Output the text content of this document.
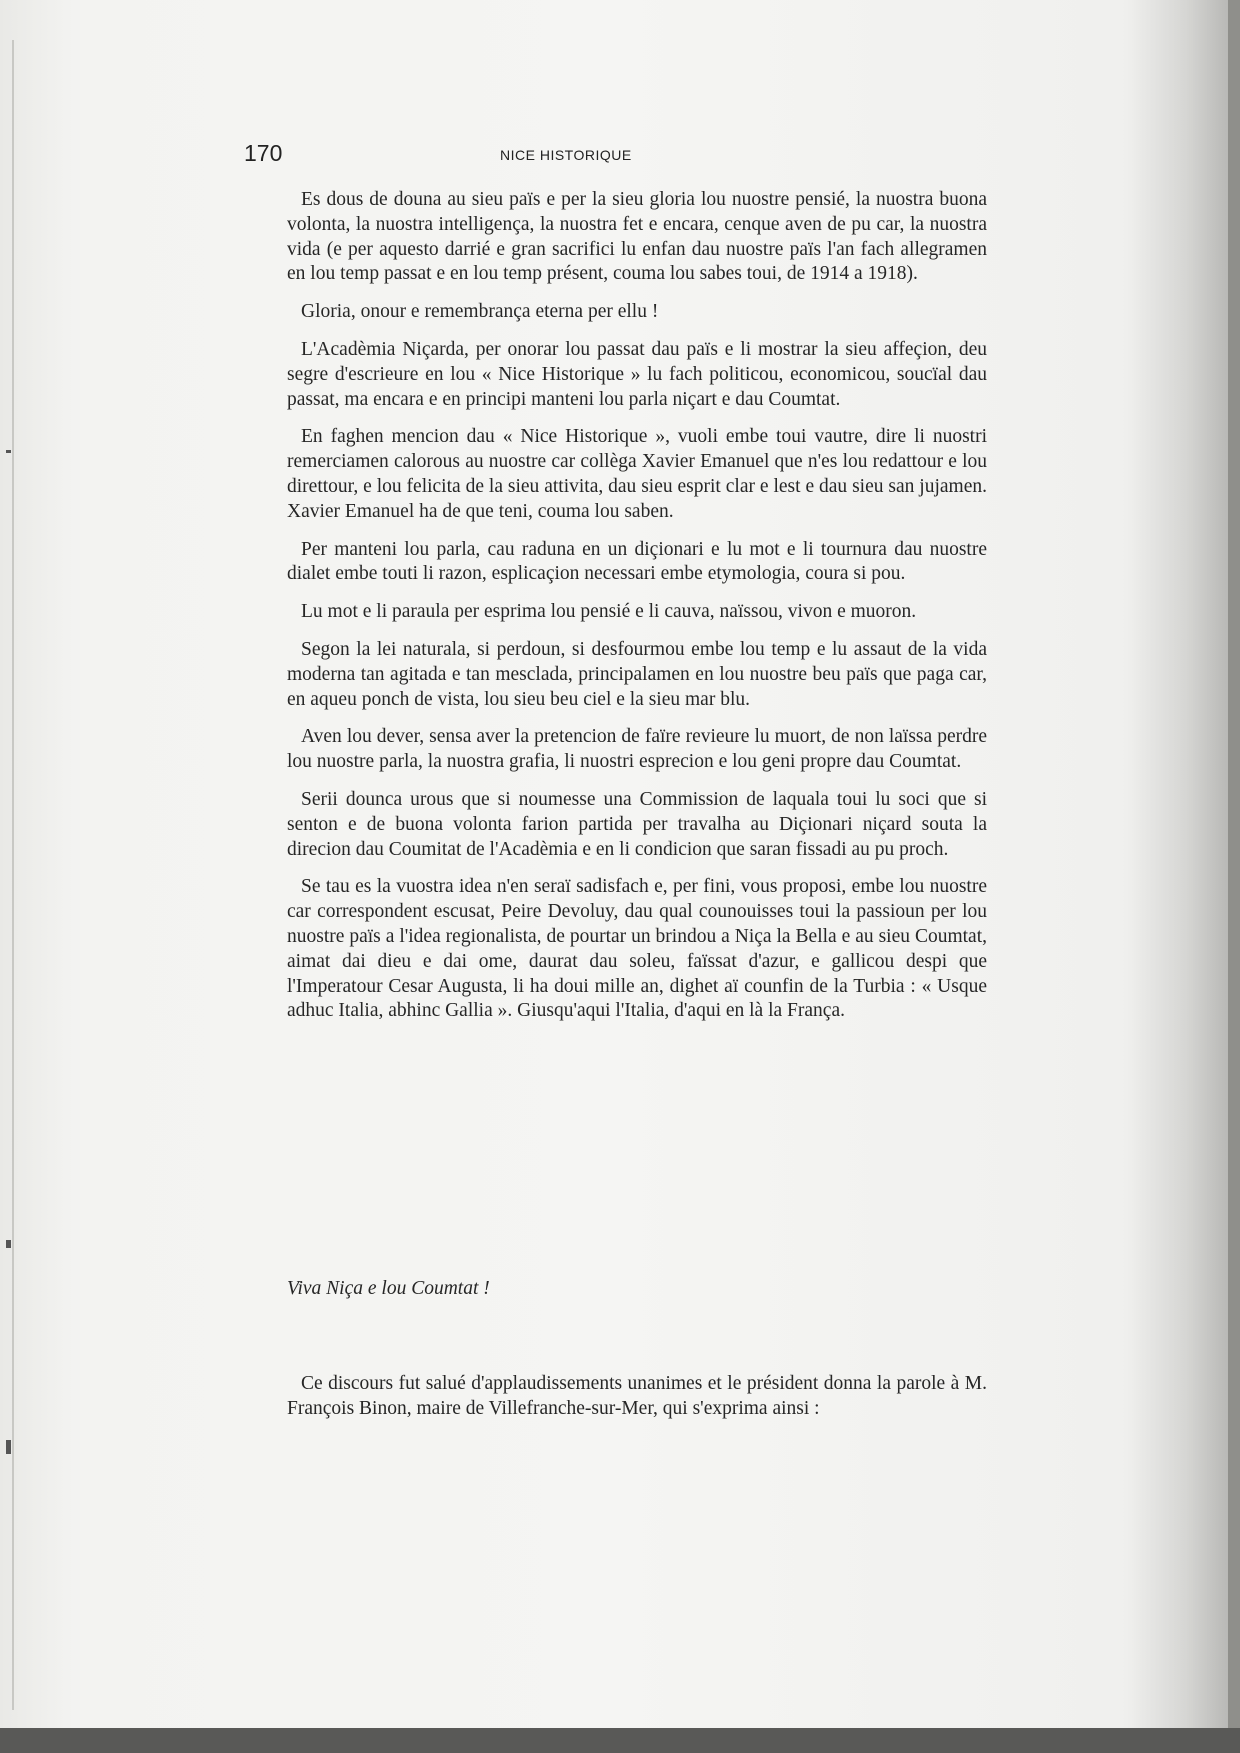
170	NICE HISTORIQUE

Es dous de douna au sieu païs e per la sieu gloria lou nuostre pensié, la nuostra buona volonta, la nuostra intelligença, la nuostra fet e encara, cenque aven de pu car, la nuostra vida (e per aquesto darrié e gran sacrifici lu enfan dau nuostre païs l'an fach allegramen en lou temp passat e en lou temp présent, couma lou sabes toui, de 1914 a 1918).

Gloria, onour e remembrança eterna per ellu !

L'Acadèmia Niçarda, per onorar lou passat dau païs e li mostrar la sieu affeçion, deu segre d'escrieure en lou « Nice Historique » lu fach politicou, economicou, soucïal dau passat, ma encara e en principi manteni lou parla niçart e dau Coumtat.

En faghen mencion dau « Nice Historique », vuoli embe toui vautre, dire li nuostri remerciamen calorous au nuostre car collèga Xavier Emanuel que n'es lou redattour e lou direttour, e lou felicita de la sieu attivita, dau sieu esprit clar e lest e dau sieu san jujamen. Xavier Emanuel ha de que teni, couma lou saben.

Per manteni lou parla, cau raduna en un diçionari e lu mot e li tournura dau nuostre dialet embe touti li razon, esplicaçion necessari embe etymologia, coura si pou.

Lu mot e li paraula per esprima lou pensié e li cauva, naïssou, vivon e muoron.

Segon la lei naturala, si perdoun, si desfourmou embe lou temp e lu assaut de la vida moderna tan agitada e tan mesclada, principalamen en lou nuostre beu païs que paga car, en aqueu ponch de vista, lou sieu beu ciel e la sieu mar blu.

Aven lou dever, sensa aver la pretencion de faïre revieure lu muort, de non laïssa perdre lou nuostre parla, la nuostra grafia, li nuostri esprecion e lou geni propre dau Coumtat.

Serii dounca urous que si noumesse una Commission de laquala toui lu soci que si senton e de buona volonta farion partida per travalha au Diçionari niçard souta la direcion dau Coumitat de l'Acadèmia e en li condicion que saran fissadi au pu proch.

Se tau es la vuostra idea n'en seraï sadisfach e, per fini, vous proposi, embe lou nuostre car correspondent escusat, Peire Devoluy, dau qual counouisses toui la passioun per lou nuostre païs a l'idea regionalista, de pourtar un brindou a Niça la Bella e au sieu Coumtat, aimat dai dieu e dai ome, daurat dau soleu, faïssat d'azur, e gallicou despi que l'Imperatour Cesar Augusta, li ha doui mille an, dighet aï counfin de la Turbia : « Usque adhuc Italia, abhinc Gallia ». Giusqu'aqui l'Italia, d'aqui en là la França.

Viva Niça e lou Coumtat !
Ce discours fut salué d'applaudissements unanimes et le président donna la parole à M. François Binon, maire de Villefranche-sur-Mer, qui s'exprima ainsi :
